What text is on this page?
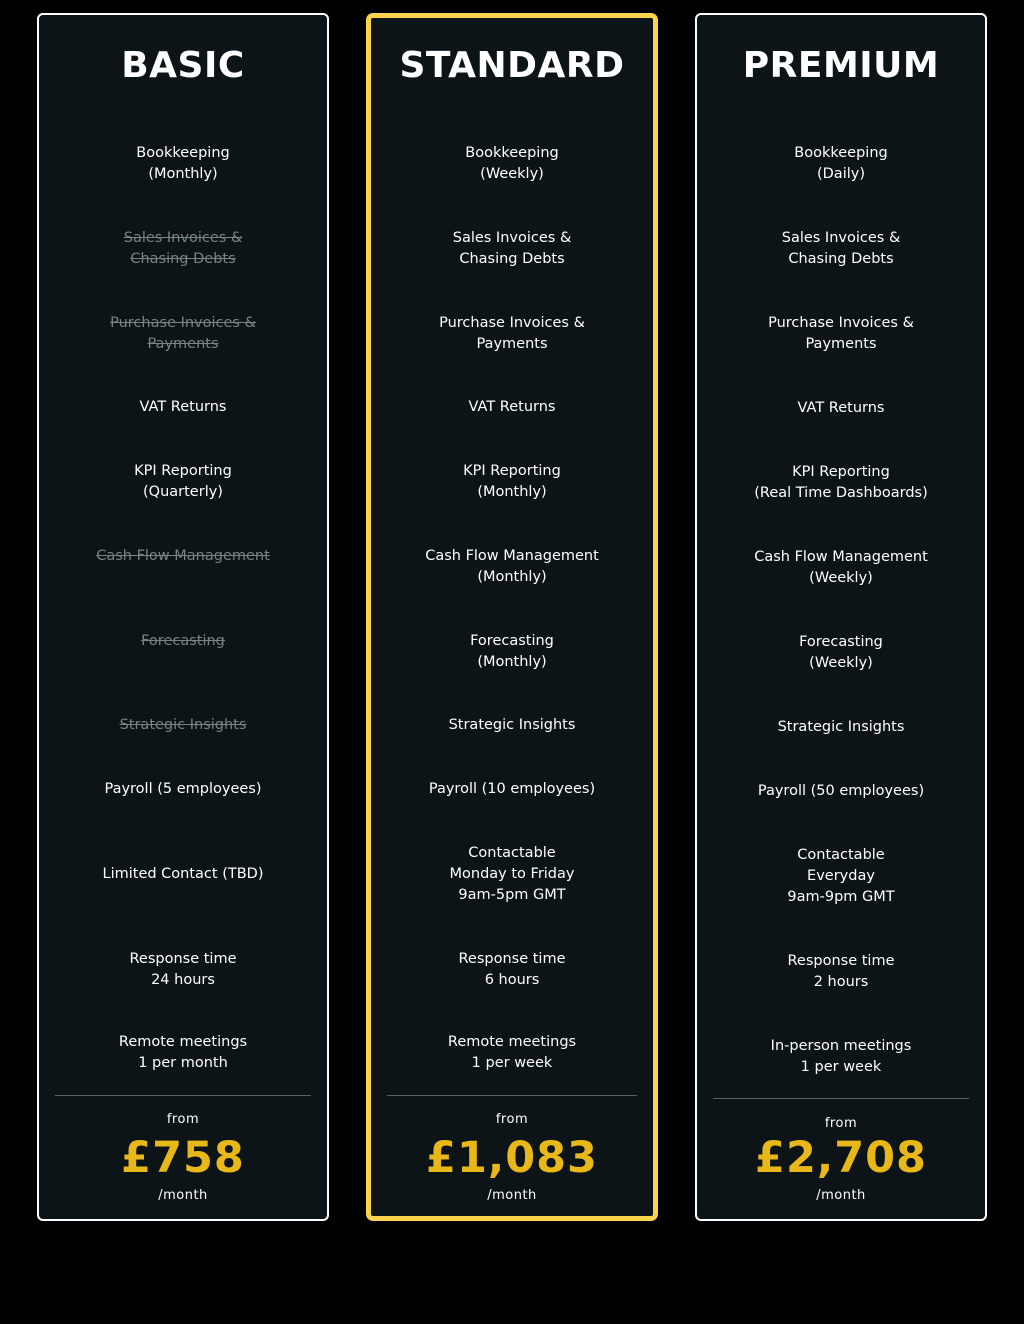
BASIC
Bookkeeping
(Monthly)
Sales Invoices &
Chasing Debts
Purchase Invoices &
Payments
VAT Returns
KPI Reporting
(Quarterly)
Cash Flow Management
Forecasting
Strategic Insights
Payroll (5 employees)
Limited Contact (TBD)
Response time
24 hours
Remote meetings
1 per month
from
£758
/month
STANDARD
Bookkeeping
(Weekly)
Sales Invoices &
Chasing Debts
Purchase Invoices &
Payments
VAT Returns
KPI Reporting
(Monthly)
Cash Flow Management
(Monthly)
Forecasting
(Monthly)
Strategic Insights
Payroll (10 employees)
Contactable
Monday to Friday
9am-5pm GMT
Response time
6 hours
Remote meetings
1 per week
from
£1,083
/month
PREMIUM
Bookkeeping
(Daily)
Sales Invoices &
Chasing Debts
Purchase Invoices &
Payments
VAT Returns
KPI Reporting
(Real Time Dashboards)
Cash Flow Management
(Weekly)
Forecasting
(Weekly)
Strategic Insights
Payroll (50 employees)
Contactable
Everyday
9am-9pm GMT
Response time
2 hours
In-person meetings
1 per week
from
£2,708
/month
